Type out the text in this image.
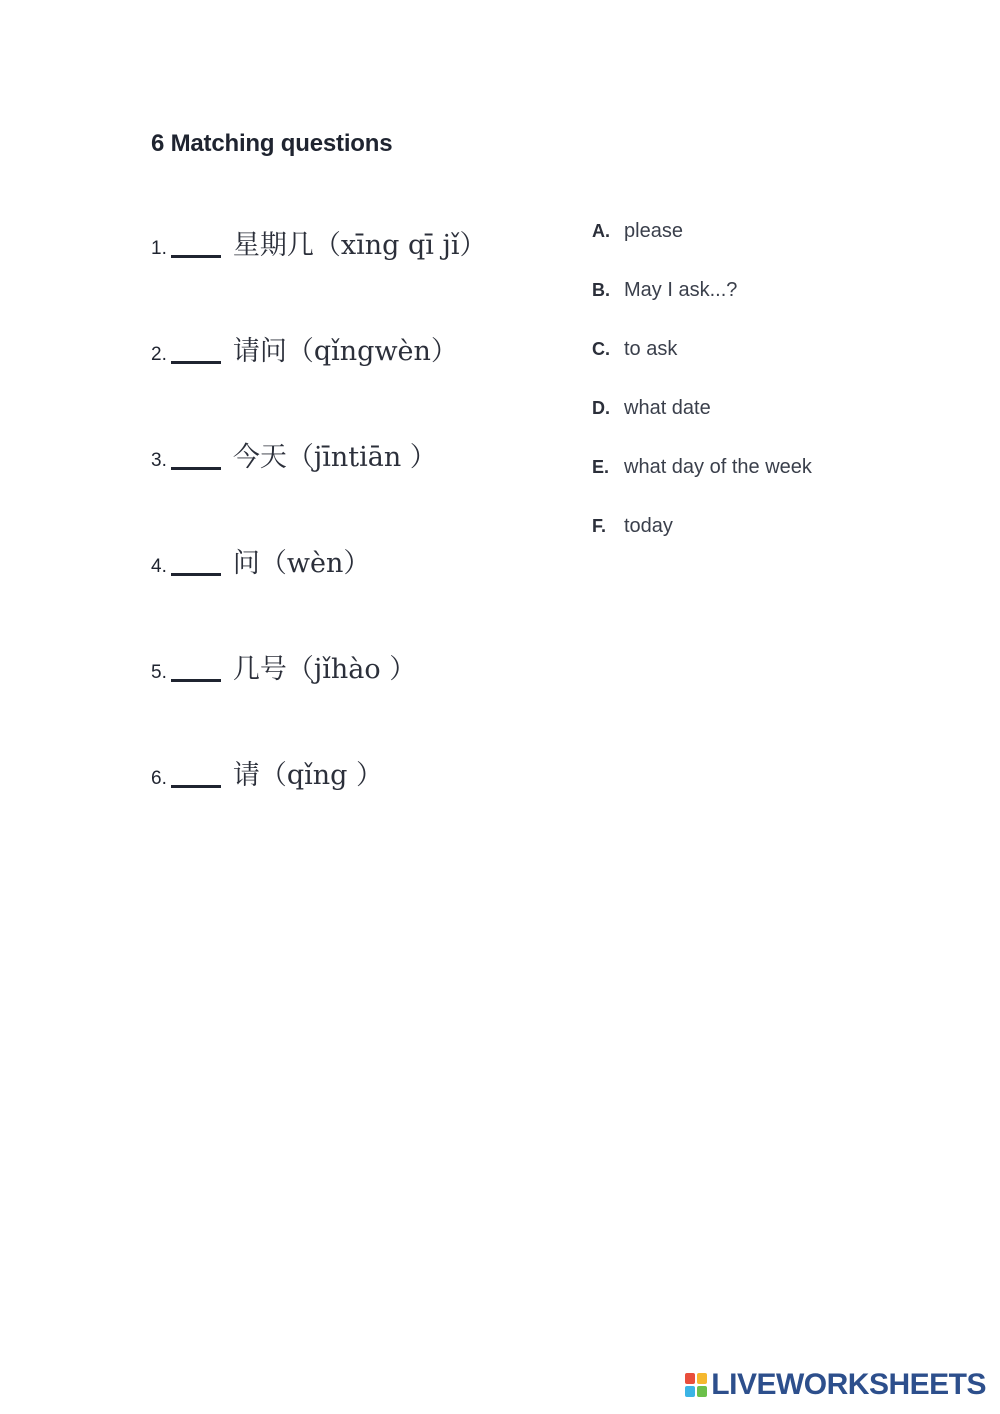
6 Matching questions
1. 星期几（xīng qī jǐ）
2. 请问（qǐngwèn）
3. 今天（jīntiān ）
4. 问（wèn）
5. 几号（jǐhào ）
6. 请（qǐng ）
A. please
B. May I ask...?
C. to ask
D. what date
E. what day of the week
F. today
LIVEWORKSHEETS
